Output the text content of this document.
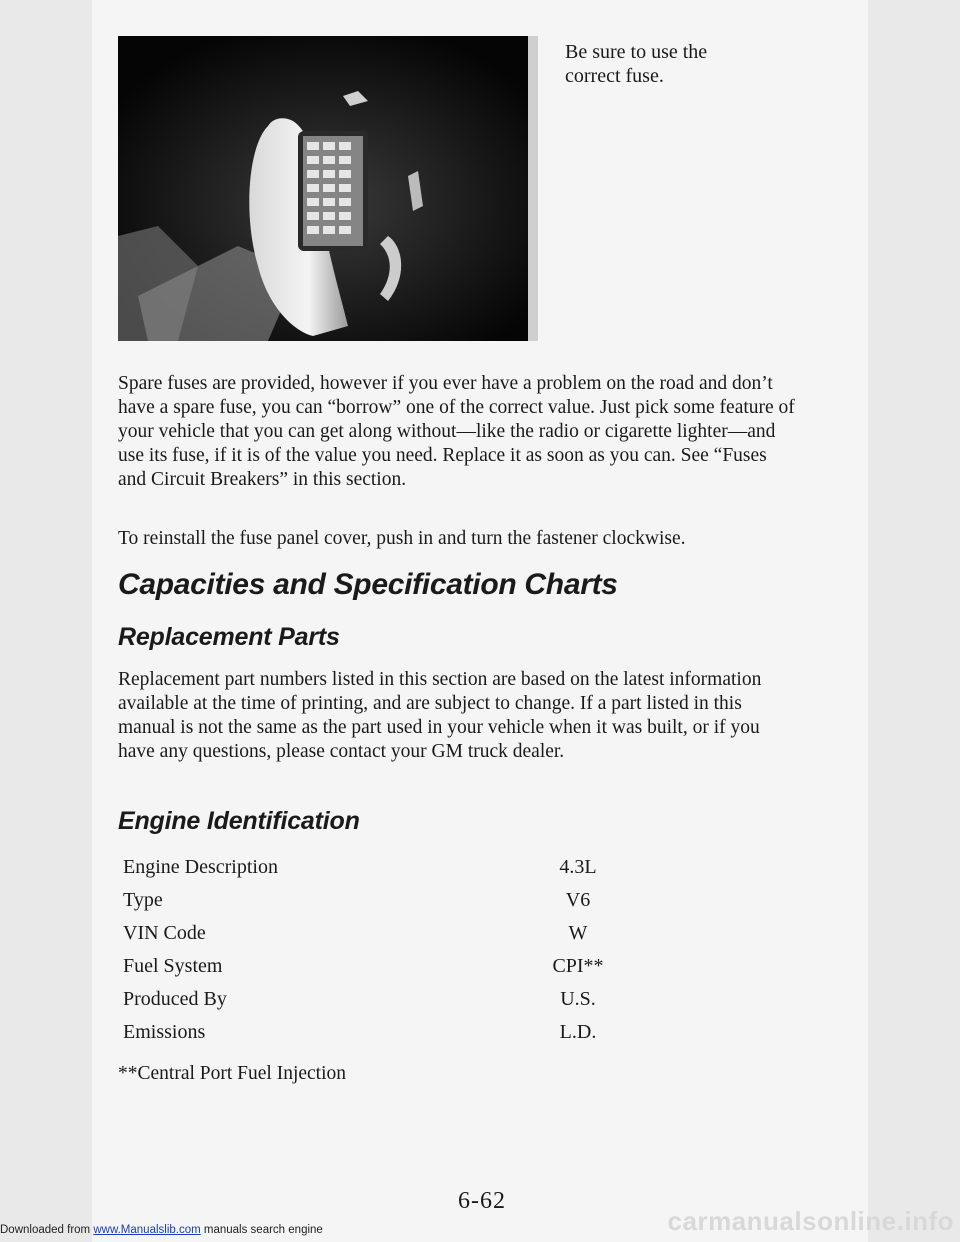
Be sure to use the
correct fuse.

Spare fuses are provided, however if you ever have a problem on the road and don’t have a spare fuse, you can “borrow” one of the correct value. Just pick some feature of your vehicle that you can get along without—like the radio or cigarette lighter—and use its fuse, if it is of the value you need. Replace it as soon as you can. See “Fuses and Circuit Breakers” in this section.

To reinstall the fuse panel cover, push in and turn the fastener clockwise.

Capacities and Specification Charts
Replacement Parts

Replacement part numbers listed in this section are based on the latest information available at the time of printing, and are subject to change. If a part listed in this manual is not the same as the part used in your vehicle when it was built, or if you have any questions, please contact your GM truck dealer.

Engine Identification
Engine Description	4.3L
Type	V6
VIN Code	W
Fuel System	CPI**
Produced By	U.S.
Emissions	L.D.
**Central Port Fuel Injection
6-62
Downloaded from www.Manualslib.com manuals search engine	carmanualsonline.info
